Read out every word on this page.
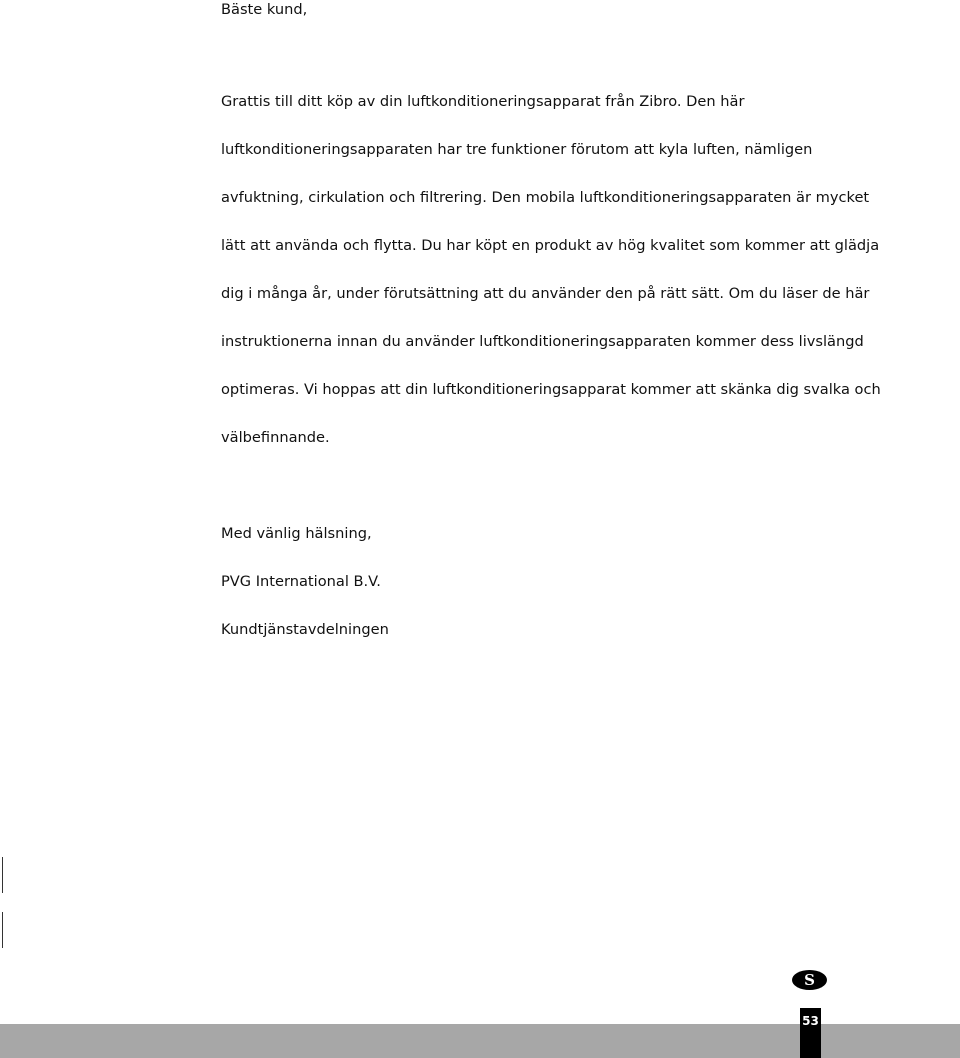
Bäste kund,
Grattis till ditt köp av din luftkonditioneringsapparat från Zibro. Den här
luftkonditioneringsapparaten har tre funktioner förutom att kyla luften, nämligen
avfuktning, cirkulation och filtrering. Den mobila luftkonditioneringsapparaten är mycket
lätt att använda och flytta. Du har köpt en produkt av hög kvalitet som kommer att glädja
dig i många år, under förutsättning att du använder den på rätt sätt. Om du läser de här
instruktionerna innan du använder luftkonditioneringsapparaten kommer dess livslängd
optimeras. Vi hoppas att din luftkonditioneringsapparat kommer att skänka dig svalka och
välbefinnande.
Med vänlig hälsning,
PVG International B.V.
Kundtjänstavdelningen
S
53
